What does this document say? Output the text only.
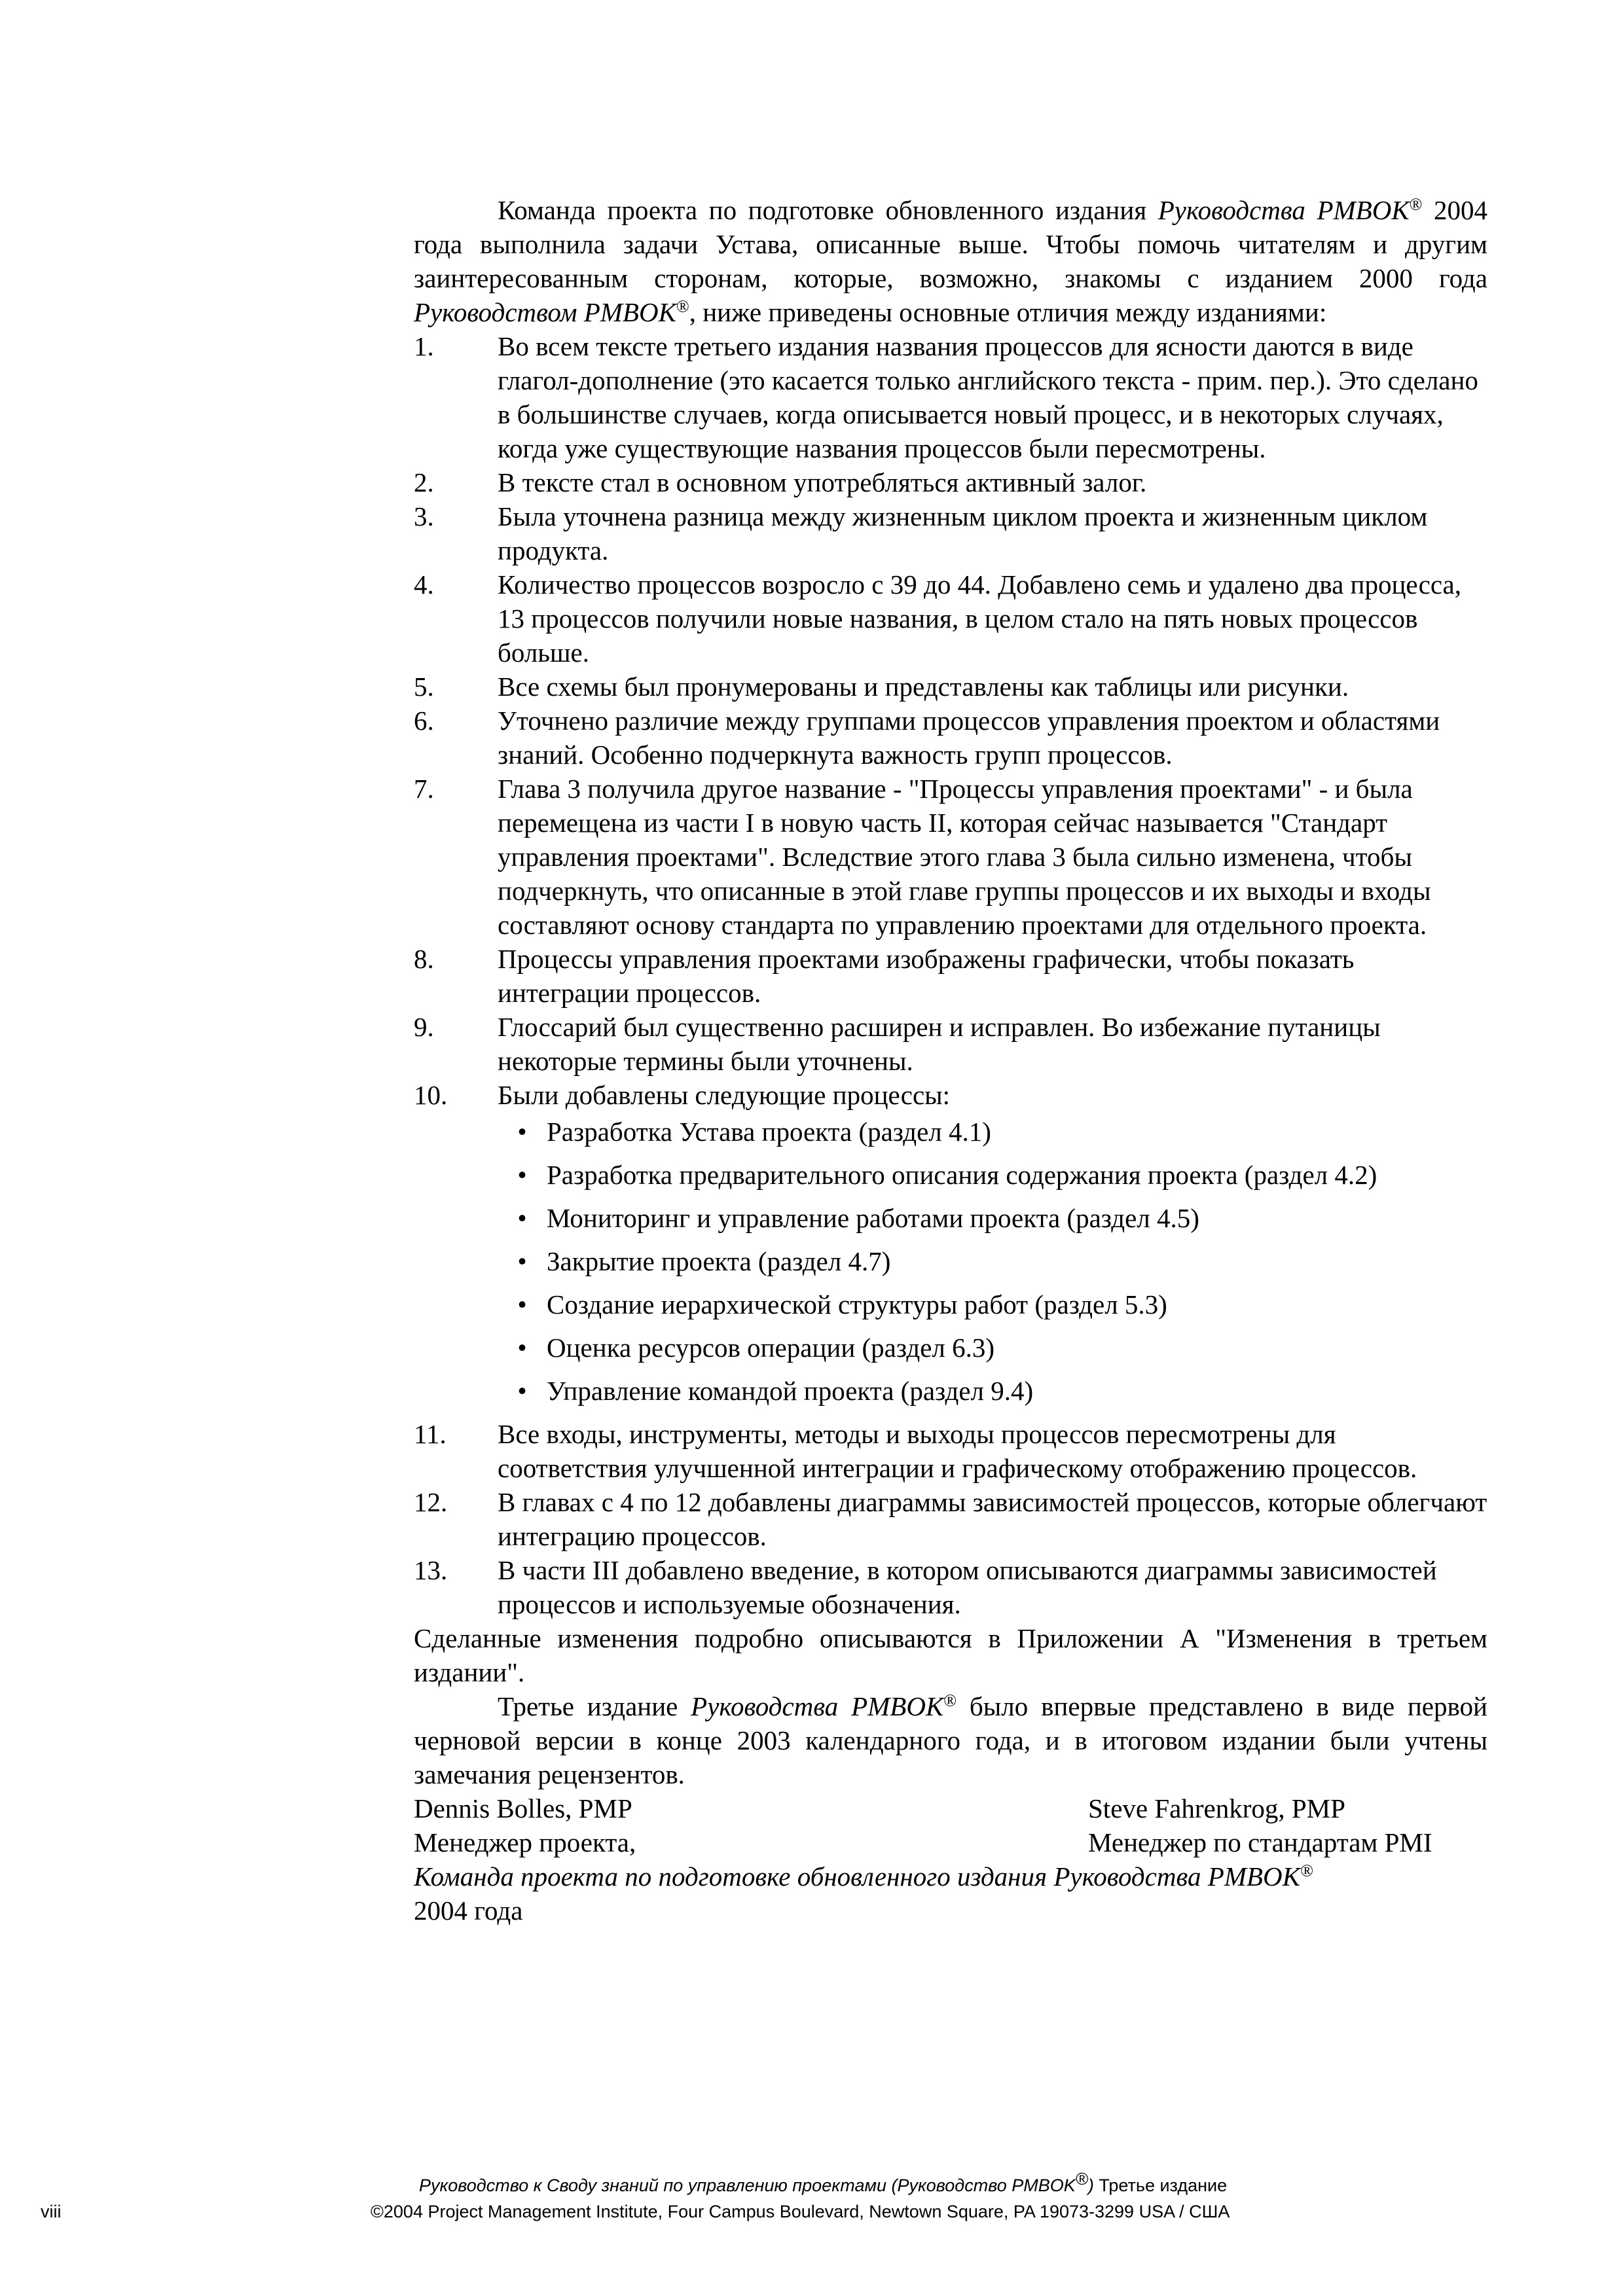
Команда проекта по подготовке обновленного издания Руководства PMBOK® 2004 года выполнила задачи Устава, описанные выше. Чтобы помочь читателям и другим заинтересованным сторонам, которые, возможно, знакомы с изданием 2000 года Руководством PMBOK®, ниже приведены основные отличия между изданиями:

1.	Во всем тексте третьего издания названия процессов для ясности даются в виде глагол-дополнение (это касается только английского текста - прим. пер.). Это сделано в большинстве случаев, когда описывается новый процесс, и в некоторых случаях, когда уже существующие названия процессов были пересмотрены.
2.	В тексте стал в основном употребляться активный залог.
3.	Была уточнена разница между жизненным циклом проекта и жизненным циклом продукта.
4.	Количество процессов возросло с 39 до 44. Добавлено семь и удалено два процесса, 13 процессов получили новые названия, в целом стало на пять новых процессов больше.
5.	Все схемы был пронумерованы и представлены как таблицы или рисунки.
6.	Уточнено различие между группами процессов управления проектом и областями знаний. Особенно подчеркнута важность групп процессов.
7.	Глава 3 получила другое название - "Процессы управления проектами" - и была перемещена из части I в новую часть II, которая сейчас называется "Стандарт управления проектами". Вследствие этого глава 3 была сильно изменена, чтобы подчеркнуть, что описанные в этой главе группы процессов и их выходы и входы составляют основу стандарта по управлению проектами для отдельного проекта.
8.	Процессы управления проектами изображены графически, чтобы показать интеграции процессов.
9.	Глоссарий был существенно расширен и исправлен. Во избежание путаницы некоторые термины были уточнены.
10.	Были добавлены следующие процессы:
•
Разработка Устава проекта (раздел 4.1)
•
Разработка предварительного описания содержания проекта (раздел 4.2)
•
Мониторинг и управление работами проекта (раздел 4.5)
•
Закрытие проекта (раздел 4.7)
•
Создание иерархической структуры работ (раздел 5.3)
•
Оценка ресурсов операции (раздел 6.3)
•
Управление командой проекта (раздел 9.4)
11.	Все входы, инструменты, методы и выходы процессов пересмотрены для соответствия улучшенной интеграции и графическому отображению процессов.
12.	В главах с 4 по 12 добавлены диаграммы зависимостей процессов, которые облегчают интеграцию процессов.
13.	В части III добавлено введение, в котором описываются диаграммы зависимостей процессов и используемые обозначения.

Сделанные изменения подробно описываются в Приложении А "Изменения в третьем издании".

Третье издание Руководства PMBOK® было впервые представлено в виде первой черновой версии в конце 2003 календарного года, и в итоговом издании были учтены замечания рецензентов.

Dennis Bolles, PMP	Steve Fahrenkrog, PMP
Менеджер проекта,	Менеджер по стандартам PMI

Команда проекта по подготовке обновленного издания Руководства PMBOK®

2004 года

Руководство к Своду знаний по управлению проектами (Руководство PMBOK®) Третье издание
viii	©2004 Project Management Institute, Four Campus Boulevard, Newtown Square, PA 19073-3299 USA / США
